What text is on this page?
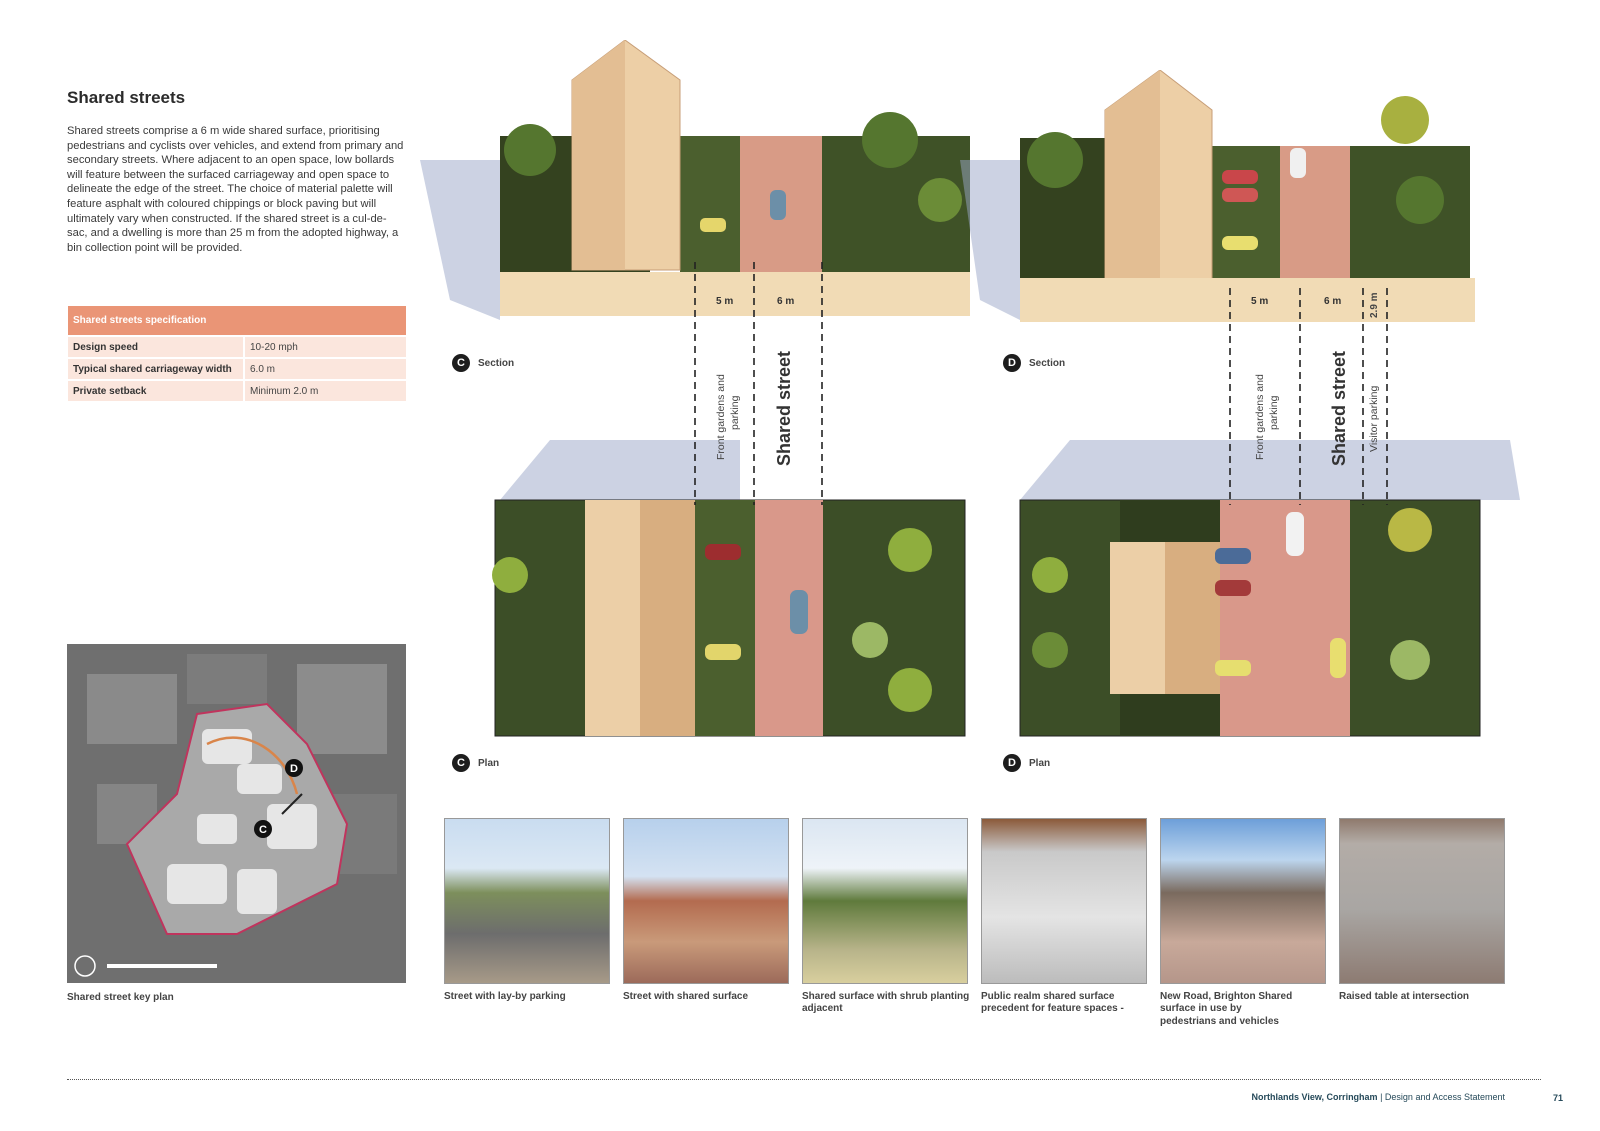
Shared streets
Shared streets comprise a 6 m wide shared surface, prioritising pedestrians and cyclists over vehicles, and extend from primary and secondary streets. Where adjacent to an open space, low bollards will feature between the surfaced carriageway and open space to delineate the edge of the street. The choice of material palette will feature asphalt with coloured chippings or block paving but will ultimately vary when constructed. If the shared street is a cul-de-sac, and a dwelling is more than 25 m from the adopted highway, a bin collection point will be provided.
Shared streets specification	
Design speed	10-20 mph
Typical shared carriageway width	6.0 m
Private setback	Minimum 2.0 m
5 m	6 m	5 m	6 m	2.9 m
Front gardens and parking Shared street	Front gardens and parking	Shared street Visitor parking
C	Section	D	Section
C	Plan	D	Plan
D
C
Shared street key plan	Street with lay-by parking	Street with shared surface	Shared surface with shrub planting adjacent
Public realm shared surface precedent for feature spaces -
New Road, Brighton Shared surface in use by pedestrians and vehicles
Raised table at intersection
Northlands View, Corringham | Design and Access Statement	71
